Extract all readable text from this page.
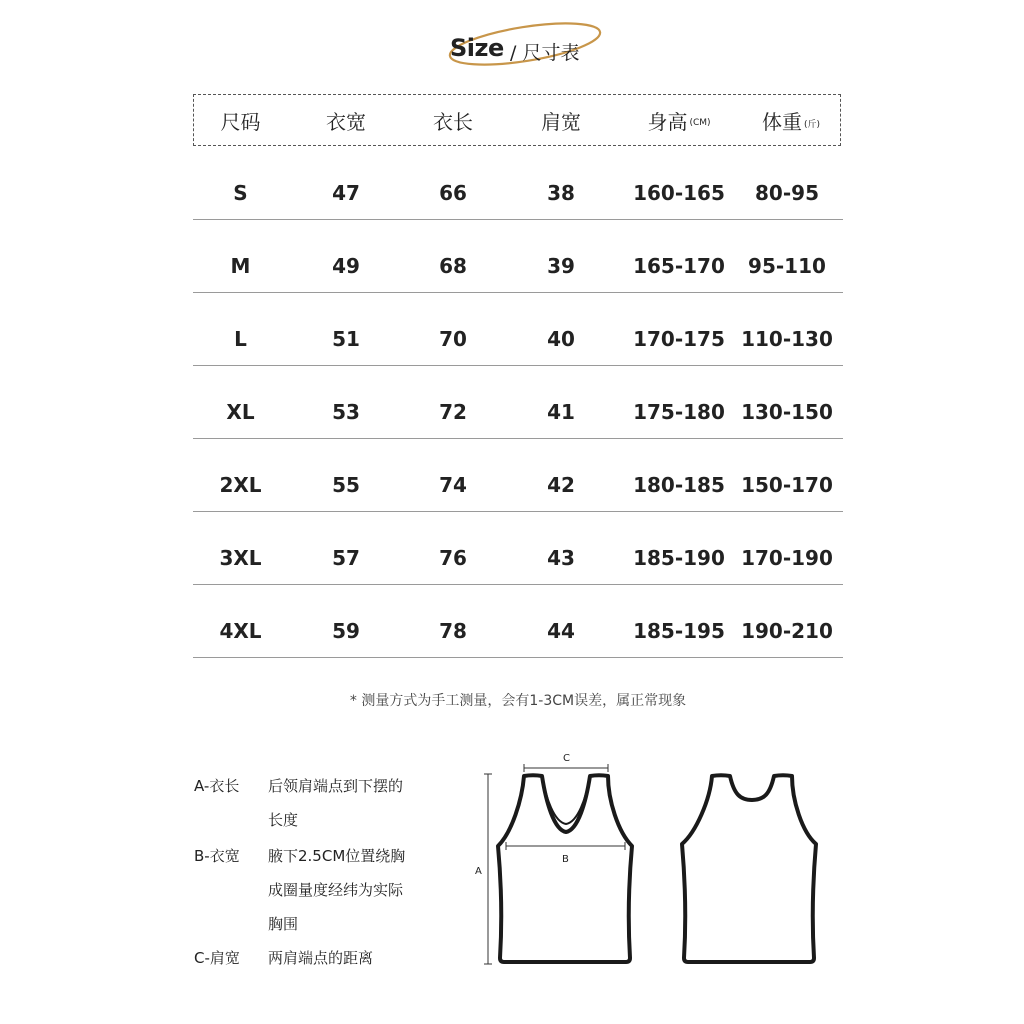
Size / 尺寸表
尺码	衣宽	衣长	肩宽	身高 (CM)	体重 (斤)
S	47	66	38	160-165	80-95
M	49	68	39	165-170	95-110
L	51	70	40	170-175 110-130
XL	53	72	41	175-180 130-150
2XL	55	74	42	180-185 150-170
3XL	57	76	43	185-190 170-190
4XL	59	78	44	185-195 190-210
* 测量方式为手工测量，会有1-3CM误差，属正常现象
A-衣长 后领肩端点到下摆的
长度
B-衣宽 腋下2.5CM位置绕胸
成圈量度经纬为实际
胸围
C-肩宽 两肩端点的距离
A
C
B
